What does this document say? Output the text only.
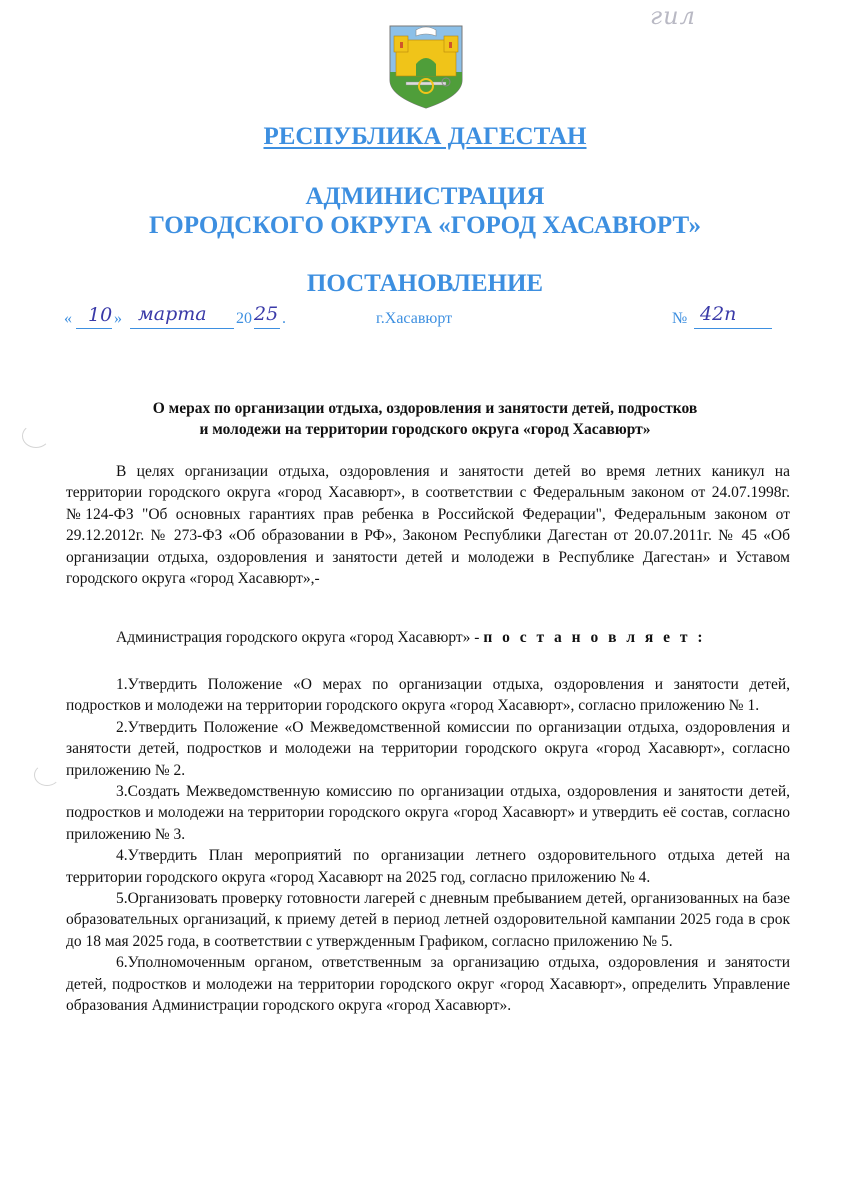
гил
РЕСПУБЛИКА ДАГЕСТАН
АДМИНИСТРАЦИЯ
ГОРОДСКОГО ОКРУГА «ГОРОД ХАСАВЮРТ»
ПОСТАНОВЛЕНИЕ
« 10 » марта 20 25 .	г.Хасавюрт	№ 42п
О мерах по организации отдыха, оздоровления и занятости детей, подростков
и молодежи на территории городского округа «город Хасавюрт»

В целях организации отдыха, оздоровления и занятости детей во время летних каникул на территории городского округа «город Хасавюрт», в соответствии с Федеральным законом от 24.07.1998г. №124-ФЗ "Об основных гарантиях прав ребенка в Российской Федерации", Федеральным законом от 29.12.2012г. № 273-ФЗ «Об образовании в РФ», Законом Республики Дагестан от 20.07.2011г. № 45 «Об организации отдыха, оздоровления и занятости детей и молодежи в Республике Дагестан» и Уставом городского округа «город Хасавюрт»,-

Администрация городского округа «город Хасавюрт» - п о с т а н о в л я е т :

1.Утвердить Положение «О мерах по организации отдыха, оздоровления и занятости детей, подростков и молодежи на территории городского округа «город Хасавюрт», согласно приложению № 1.

2.Утвердить Положение «О Межведомственной комиссии по организации отдыха, оздоровления и занятости детей, подростков и молодежи на территории городского округа «город Хасавюрт», согласно приложению № 2.

3.Создать Межведомственную комиссию по организации отдыха, оздоровления и занятости детей, подростков и молодежи на территории городского округа «город Хасавюрт» и утвердить её состав, согласно приложению № 3.

4.Утвердить План мероприятий по организации летнего оздоровительного отдыха детей на территории городского округа «город Хасавюрт на 2025 год, согласно приложению № 4.

5.Организовать проверку готовности лагерей с дневным пребыванием детей, организованных на базе образовательных организаций, к приему детей в период летней оздоровительной кампании 2025 года в срок до 18 мая 2025 года, в соответствии с утвержденным Графиком, согласно приложению № 5.

6.Уполномоченным органом, ответственным за организацию отдыха, оздоровления и занятости детей, подростков и молодежи на территории городского округ «город Хасавюрт», определить Управление образования Администрации городского округа «город Хасавюрт».
